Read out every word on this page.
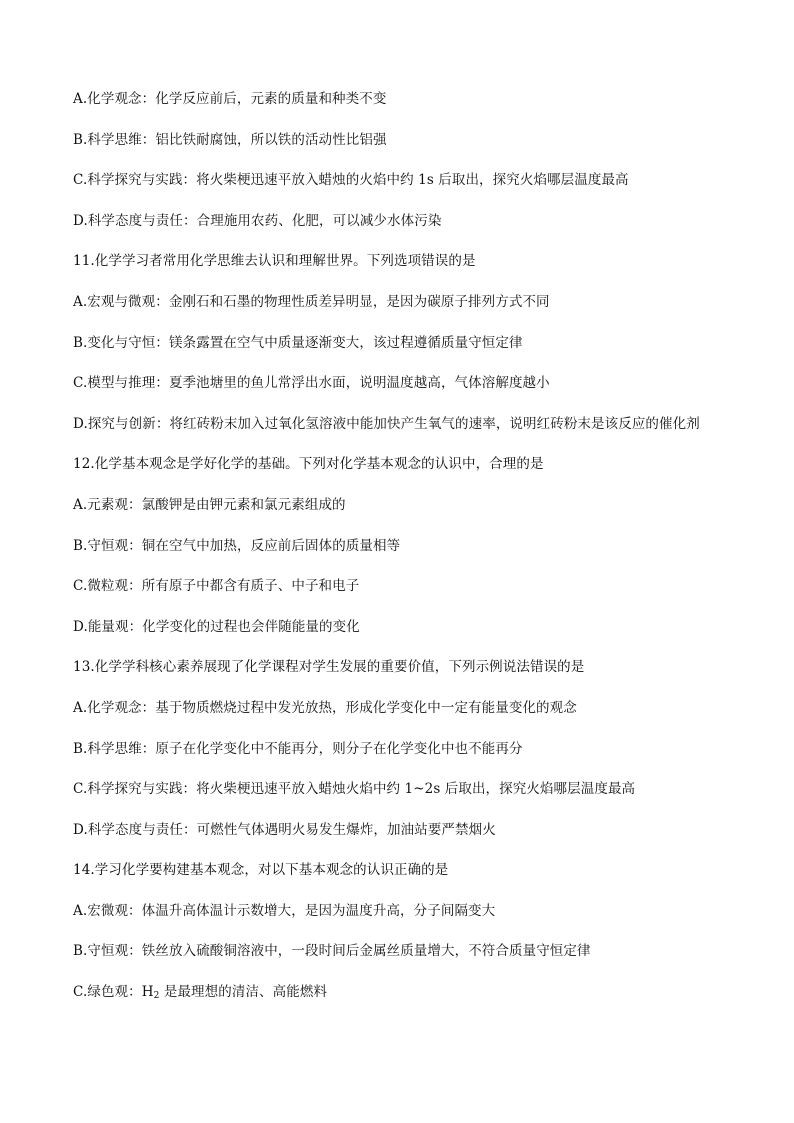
A.化学观念：化学反应前后，元素的质量和种类不变
B.科学思维：铝比铁耐腐蚀，所以铁的活动性比铝强
C.科学探究与实践：将火柴梗迅速平放入蜡烛的火焰中约 1s 后取出，探究火焰哪层温度最高
D.科学态度与责任：合理施用农药、化肥，可以减少水体污染
11.化学学习者常用化学思维去认识和理解世界。下列选项错误的是
A.宏观与微观：金刚石和石墨的物理性质差异明显，是因为碳原子排列方式不同
B.变化与守恒：镁条露置在空气中质量逐渐变大，该过程遵循质量守恒定律
C.模型与推理：夏季池塘里的鱼儿常浮出水面，说明温度越高，气体溶解度越小
D.探究与创新：将红砖粉末加入过氧化氢溶液中能加快产生氧气的速率，说明红砖粉末是该反应的催化剂
12.化学基本观念是学好化学的基础。下列对化学基本观念的认识中，合理的是
A.元素观：氯酸钾是由钾元素和氯元素组成的
B.守恒观：铜在空气中加热，反应前后固体的质量相等
C.微粒观：所有原子中都含有质子、中子和电子
D.能量观：化学变化的过程也会伴随能量的变化
13.化学学科核心素养展现了化学课程对学生发展的重要价值，下列示例说法错误的是
A.化学观念：基于物质燃烧过程中发光放热，形成化学变化中一定有能量变化的观念
B.科学思维：原子在化学变化中不能再分，则分子在化学变化中也不能再分
C.科学探究与实践：将火柴梗迅速平放入蜡烛火焰中约 1~2s 后取出，探究火焰哪层温度最高
D.科学态度与责任：可燃性气体遇明火易发生爆炸，加油站要严禁烟火
14.学习化学要构建基本观念，对以下基本观念的认识正确的是
A.宏微观：体温升高体温计示数增大，是因为温度升高，分子间隔变大
B.守恒观：铁丝放入硫酸铜溶液中，一段时间后金属丝质量增大，不符合质量守恒定律
C.绿色观：$H_2$ 是最理想的清洁、高能燃料
